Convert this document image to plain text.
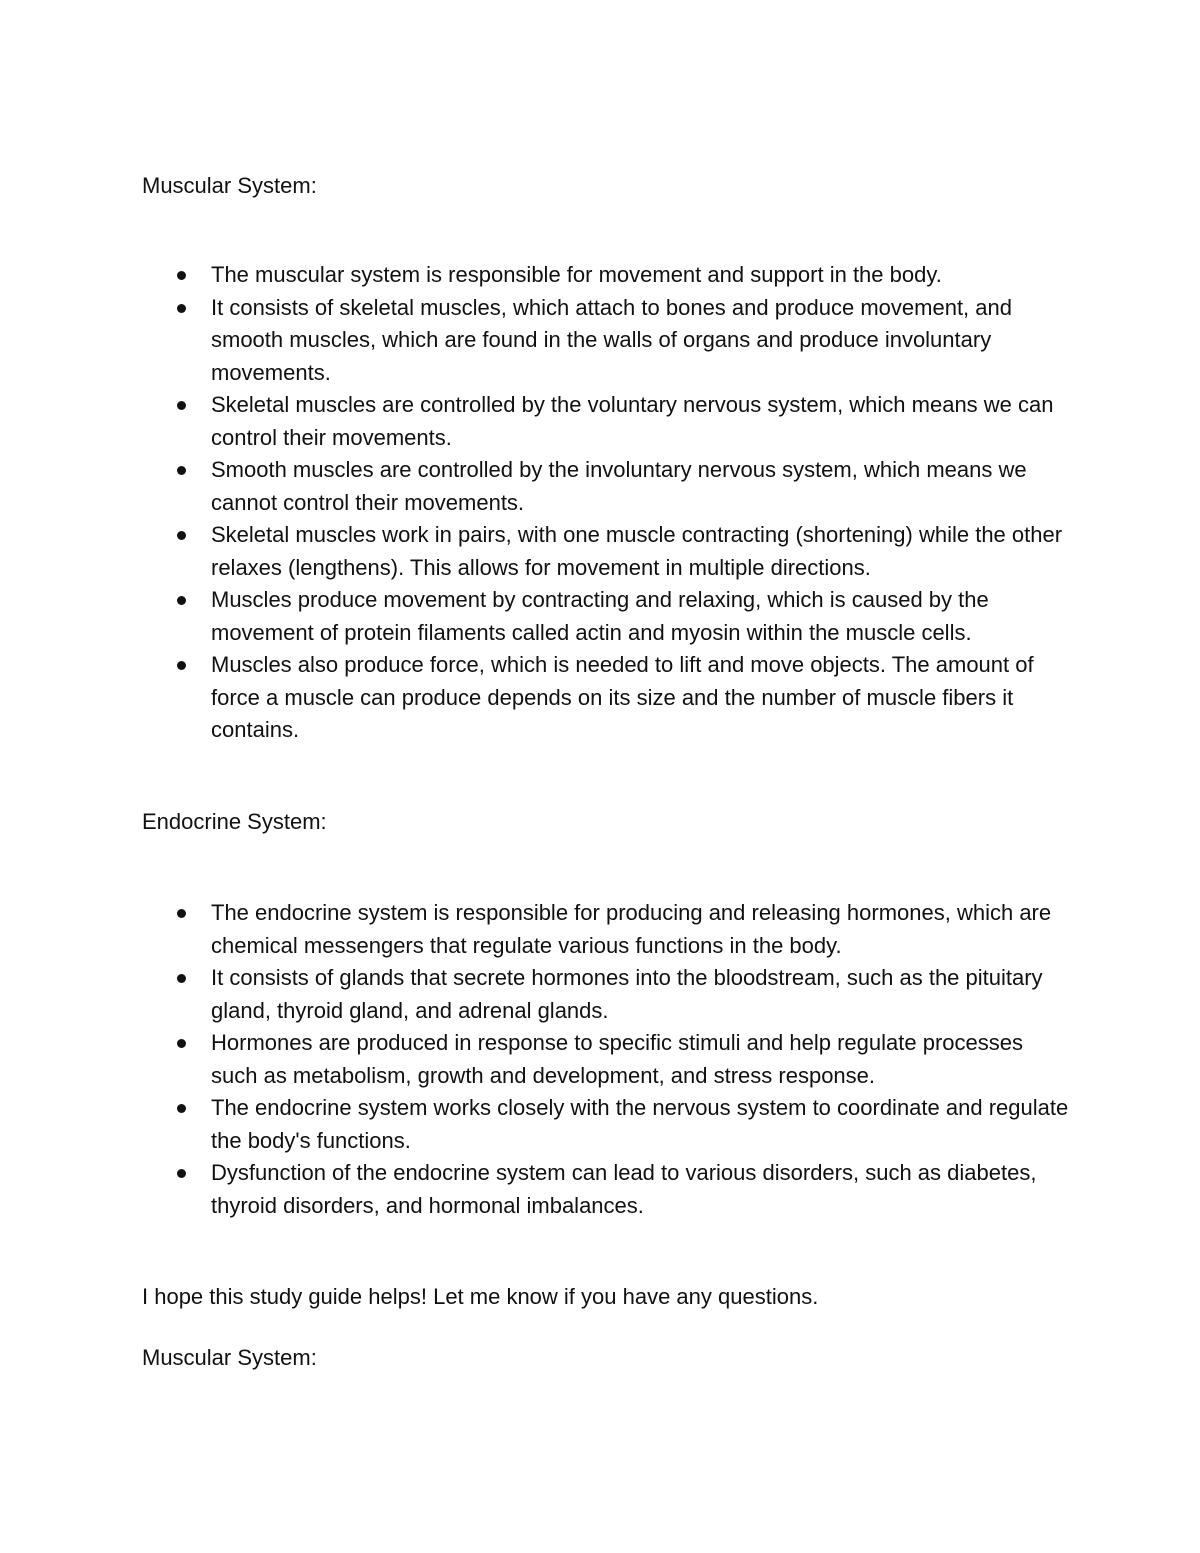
Muscular System:

The muscular system is responsible for movement and support in the body.
It consists of skeletal muscles, which attach to bones and produce movement, and smooth muscles, which are found in the walls of organs and produce involuntary movements.
Skeletal muscles are controlled by the voluntary nervous system, which means we can control their movements.
Smooth muscles are controlled by the involuntary nervous system, which means we cannot control their movements.
Skeletal muscles work in pairs, with one muscle contracting (shortening) while the other relaxes (lengthens). This allows for movement in multiple directions.
Muscles produce movement by contracting and relaxing, which is caused by the movement of protein filaments called actin and myosin within the muscle cells.
Muscles also produce force, which is needed to lift and move objects. The amount of force a muscle can produce depends on its size and the number of muscle fibers it contains.

Endocrine System:

The endocrine system is responsible for producing and releasing hormones, which are chemical messengers that regulate various functions in the body.
It consists of glands that secrete hormones into the bloodstream, such as the pituitary gland, thyroid gland, and adrenal glands.
Hormones are produced in response to specific stimuli and help regulate processes such as metabolism, growth and development, and stress response.
The endocrine system works closely with the nervous system to coordinate and regulate the body's functions.
Dysfunction of the endocrine system can lead to various disorders, such as diabetes, thyroid disorders, and hormonal imbalances.

I hope this study guide helps! Let me know if you have any questions.

Muscular System:
